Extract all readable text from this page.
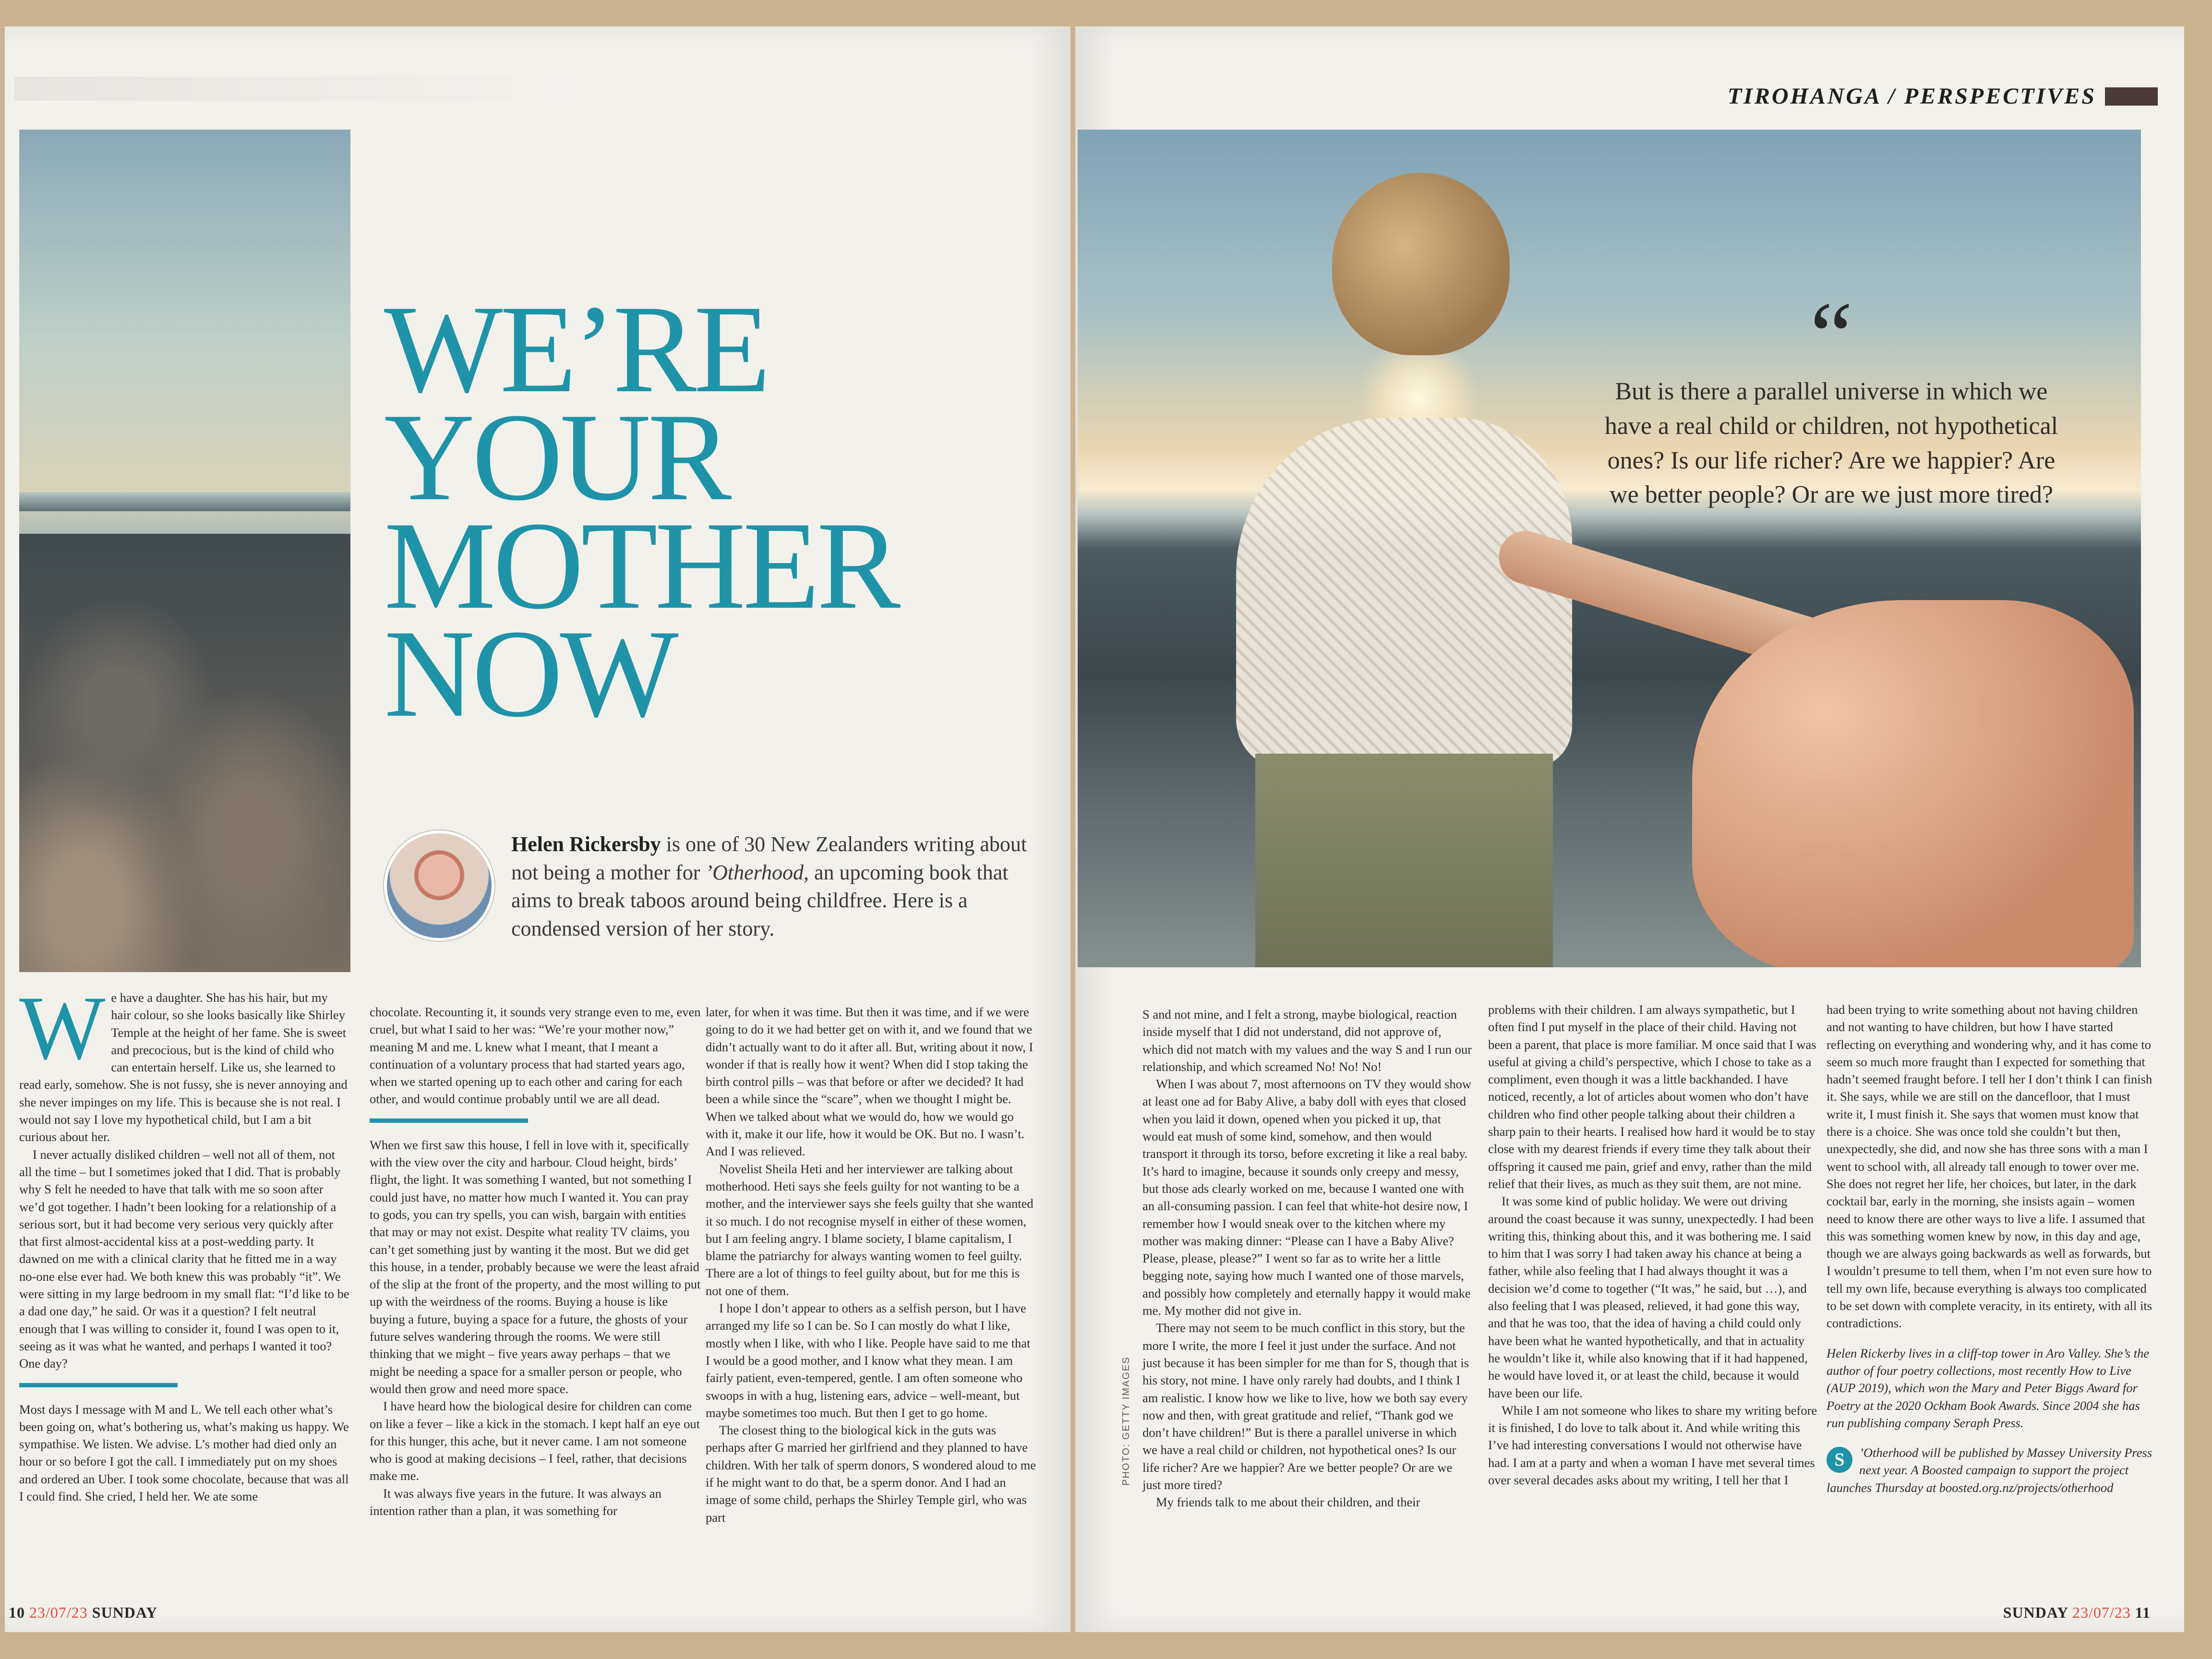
WE’RE
YOUR
MOTHER
NOW
Helen Rickersby is one of 30 New Zealanders writing about not being a mother for ’Otherhood, an upcoming book that aims to break taboos around being childfree. Here is a condensed version of her story.

We have a daughter. She has his hair, but my hair colour, so she looks basically like Shirley Temple at the height of her fame. She is sweet and precocious, but is the kind of child who can entertain herself. Like us, she learned to read early, somehow. She is not fussy, she is never annoying and she never impinges on my life. This is because she is not real. I would not say I love my hypothetical child, but I am a bit curious about her.

I never actually disliked children – well not all of them, not all the time – but I sometimes joked that I did. That is probably why S felt he needed to have that talk with me so soon after we’d got together. I hadn’t been looking for a relationship of a serious sort, but it had become very serious very quickly after that first almost-accidental kiss at a post-wedding party. It dawned on me with a clinical clarity that he fitted me in a way no-one else ever had. We both knew this was probably “it”. We were sitting in my large bedroom in my small flat: “I’d like to be a dad one day,” he said. Or was it a question? I felt neutral enough that I was willing to consider it, found I was open to it, seeing as it was what he wanted, and perhaps I wanted it too? One day?

Most days I message with M and L. We tell each other what’s been going on, what’s bothering us, what’s making us happy. We sympathise. We listen. We advise. L’s mother had died only an hour or so before I got the call. I immediately put on my shoes and ordered an Uber. I took some chocolate, because that was all I could find. She cried, I held her. We ate some

chocolate. Recounting it, it sounds very strange even to me, even cruel, but what I said to her was: “We’re your mother now,” meaning M and me. L knew what I meant, that I meant a continuation of a voluntary process that had started years ago, when we started opening up to each other and caring for each other, and would continue probably until we are all dead.

When we first saw this house, I fell in love with it, specifically with the view over the city and harbour. Cloud height, birds’ flight, the light. It was something I wanted, but not something I could just have, no matter how much I wanted it. You can pray to gods, you can try spells, you can wish, bargain with entities that may or may not exist. Despite what reality TV claims, you can’t get something just by wanting it the most. But we did get this house, in a tender, probably because we were the least afraid of the slip at the front of the property, and the most willing to put up with the weirdness of the rooms. Buying a house is like buying a future, buying a space for a future, the ghosts of your future selves wandering through the rooms. We were still thinking that we might – five years away perhaps – that we might be needing a space for a smaller person or people, who would then grow and need more space.

I have heard how the biological desire for children can come on like a fever – like a kick in the stomach. I kept half an eye out for this hunger, this ache, but it never came. I am not someone who is good at making decisions – I feel, rather, that decisions make me.

It was always five years in the future. It was always an intention rather than a plan, it was something for

later, for when it was time. But then it was time, and if we were going to do it we had better get on with it, and we found that we didn’t actually want to do it after all. But, writing about it now, I wonder if that is really how it went? When did I stop taking the birth control pills – was that before or after we decided? It had been a while since the “scare”, when we thought I might be. When we talked about what we would do, how we would go with it, make it our life, how it would be OK. But no. I wasn’t. And I was relieved.

Novelist Sheila Heti and her interviewer are talking about motherhood. Heti says she feels guilty for not wanting to be a mother, and the interviewer says she feels guilty that she wanted it so much. I do not recognise myself in either of these women, but I am feeling angry. I blame society, I blame capitalism, I blame the patriarchy for always wanting women to feel guilty. There are a lot of things to feel guilty about, but for me this is not one of them.

I hope I don’t appear to others as a selfish person, but I have arranged my life so I can be. So I can mostly do what I like, mostly when I like, with who I like. People have said to me that I would be a good mother, and I know what they mean. I am fairly patient, even-tempered, gentle. I am often someone who swoops in with a hug, listening ears, advice – well-meant, but maybe sometimes too much. But then I get to go home.

The closest thing to the biological kick in the guts was perhaps after G married her girlfriend and they planned to have children. With her talk of sperm donors, S wondered aloud to me if he might want to do that, be a sperm donor. And I had an image of some child, perhaps the Shirley Temple girl, who was part

10 23/07/23 SUNDAY
TIROHANGA / PERSPECTIVES
“
But is there a parallel universe in which we have a real child or children, not hypothetical ones? Is our life richer? Are we happier? Are we better people? Or are we just more tired?
PHOTO: GETTY IMAGES

S and not mine, and I felt a strong, maybe biological, reaction inside myself that I did not understand, did not approve of, which did not match with my values and the way S and I run our relationship, and which screamed No! No! No!

When I was about 7, most afternoons on TV they would show at least one ad for Baby Alive, a baby doll with eyes that closed when you laid it down, opened when you picked it up, that would eat mush of some kind, somehow, and then would transport it through its torso, before excreting it like a real baby. It’s hard to imagine, because it sounds only creepy and messy, but those ads clearly worked on me, because I wanted one with an all-consuming passion. I can feel that white-hot desire now, I remember how I would sneak over to the kitchen where my mother was making dinner: “Please can I have a Baby Alive? Please, please, please?” I went so far as to write her a little begging note, saying how much I wanted one of those marvels, and possibly how completely and eternally happy it would make me. My mother did not give in.

There may not seem to be much conflict in this story, but the more I write, the more I feel it just under the surface. And not just because it has been simpler for me than for S, though that is his story, not mine. I have only rarely had doubts, and I think I am realistic. I know how we like to live, how we both say every now and then, with great gratitude and relief, “Thank god we don’t have children!” But is there a parallel universe in which we have a real child or children, not hypothetical ones? Is our life richer? Are we happier? Are we better people? Or are we just more tired?

My friends talk to me about their children, and their

problems with their children. I am always sympathetic, but I often find I put myself in the place of their child. Having not been a parent, that place is more familiar. M once said that I was useful at giving a child’s perspective, which I chose to take as a compliment, even though it was a little backhanded. I have noticed, recently, a lot of articles about women who don’t have children who find other people talking about their children a sharp pain to their hearts. I realised how hard it would be to stay close with my dearest friends if every time they talk about their offspring it caused me pain, grief and envy, rather than the mild relief that their lives, as much as they suit them, are not mine.

It was some kind of public holiday. We were out driving around the coast because it was sunny, unexpectedly. I had been writing this, thinking about this, and it was bothering me. I said to him that I was sorry I had taken away his chance at being a father, while also feeling that I had always thought it was a decision we’d come to together (“It was,” he said, but …), and also feeling that I was pleased, relieved, it had gone this way, and that he was too, that the idea of having a child could only have been what he wanted hypothetically, and that in actuality he wouldn’t like it, while also knowing that if it had happened, he would have loved it, or at least the child, because it would have been our life.

While I am not someone who likes to share my writing before it is finished, I do love to talk about it. And while writing this I’ve had interesting conversations I would not otherwise have had. I am at a party and when a woman I have met several times over several decades asks about my writing, I tell her that I

had been trying to write something about not having children and not wanting to have children, but how I have started reflecting on everything and wondering why, and it has come to seem so much more fraught than I expected for something that hadn’t seemed fraught before. I tell her I don’t think I can finish it. She says, while we are still on the dancefloor, that I must write it, I must finish it. She says that women must know that there is a choice. She was once told she couldn’t but then, unexpectedly, she did, and now she has three sons with a man I went to school with, all already tall enough to tower over me. She does not regret her life, her choices, but later, in the dark cocktail bar, early in the morning, she insists again – women need to know there are other ways to live a life. I assumed that this was something women knew by now, in this day and age, though we are always going backwards as well as forwards, but I wouldn’t presume to tell them, when I’m not even sure how to tell my own life, because everything is always too complicated to be set down with complete veracity, in its entirety, with all its contradictions.

Helen Rickerby lives in a cliff-top tower in Aro Valley. She’s the author of four poetry collections, most recently How to Live (AUP 2019), which won the Mary and Peter Biggs Award for Poetry at the 2020 Ockham Book Awards. Since 2004 she has run publishing company Seraph Press.

S	’Otherhood will be published by Massey University Press next year. A Boosted campaign to support the project launches Thursday at boosted.org.nz/projects/otherhood

SUNDAY 23/07/23 11
